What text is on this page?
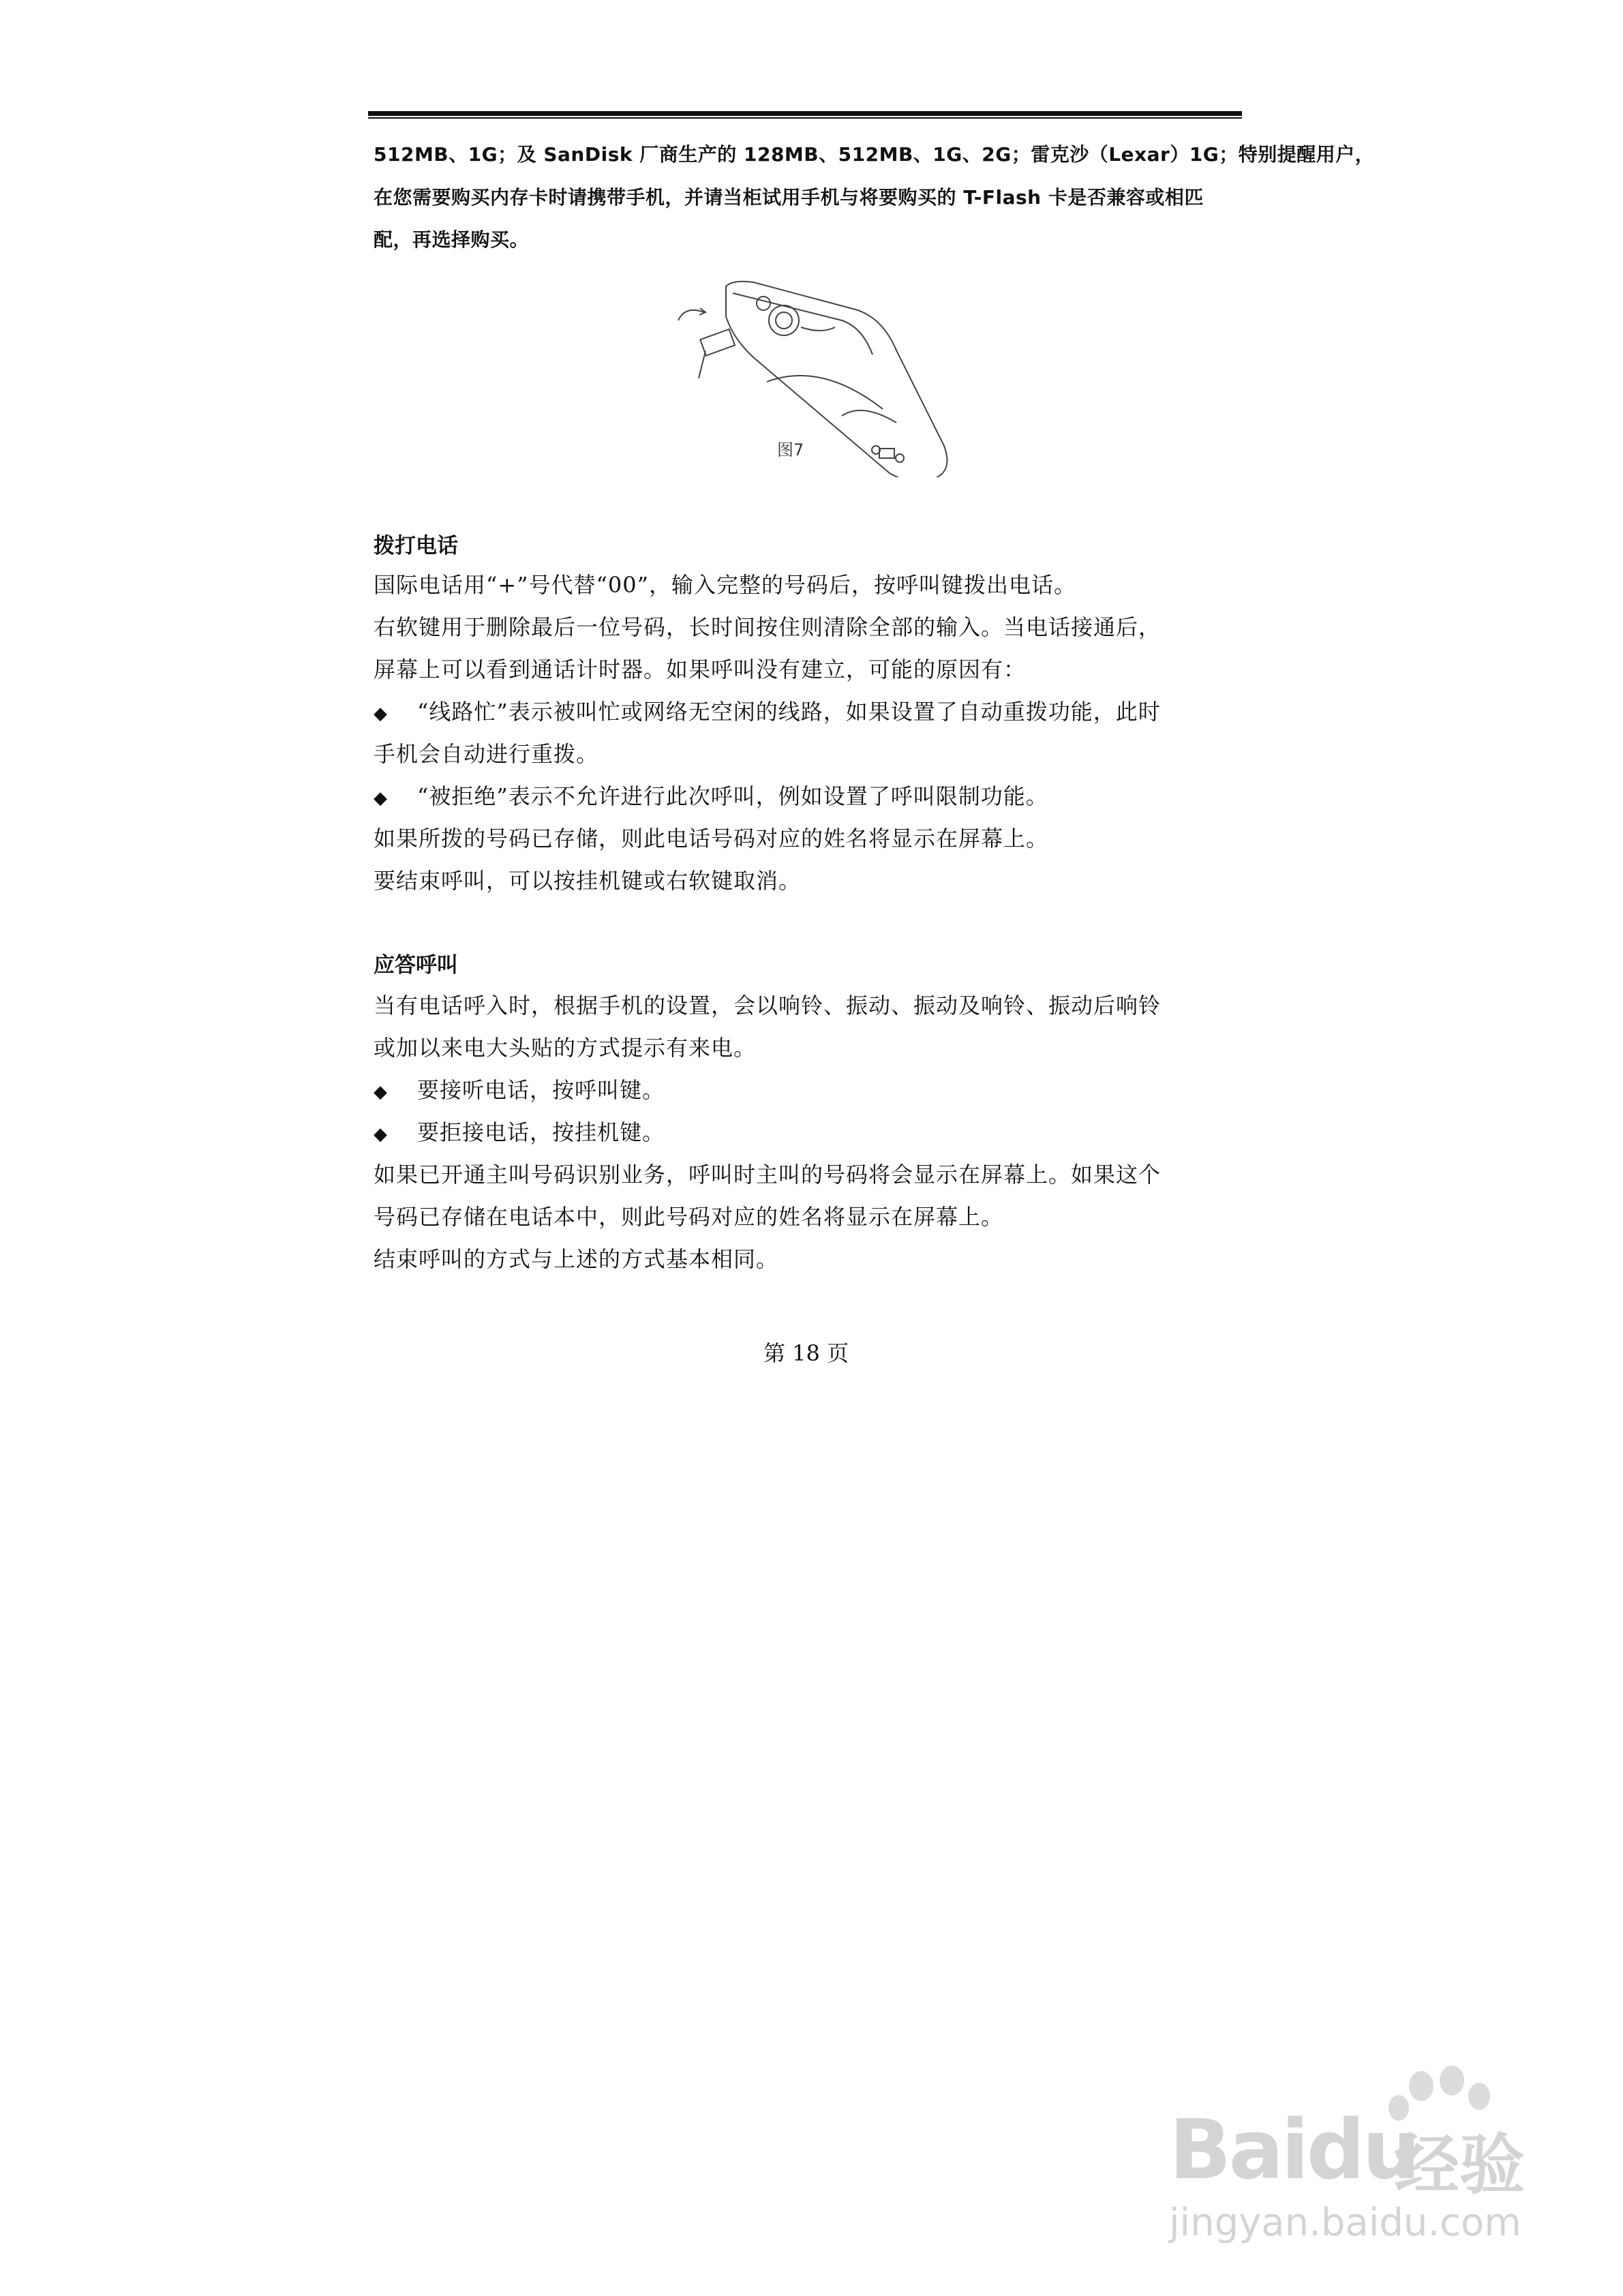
512MB、1G；及 SanDisk 厂商生产的 128MB、512MB、1G、2G；雷克沙（Lexar）1G；特别提醒用户，
在您需要购买内存卡时请携带手机，并请当柜试用手机与将要购买的 T-Flash 卡是否兼容或相匹
配，再选择购买。
图7
拨打电话
国际电话用“+”号代替“00”，输入完整的号码后，按呼叫键拨出电话。
右软键用于删除最后一位号码，长时间按住则清除全部的输入。当电话接通后，
屏幕上可以看到通话计时器。如果呼叫没有建立，可能的原因有：
◆ “线路忙”表示被叫忙或网络无空闲的线路，如果设置了自动重拨功能，此时
手机会自动进行重拨。
◆ “被拒绝”表示不允许进行此次呼叫，例如设置了呼叫限制功能。
如果所拨的号码已存储，则此电话号码对应的姓名将显示在屏幕上。
要结束呼叫，可以按挂机键或右软键取消。
应答呼叫
当有电话呼入时，根据手机的设置，会以响铃、振动、振动及响铃、振动后响铃
或加以来电大头贴的方式提示有来电。
◆ 要接听电话，按呼叫键。
◆ 要拒接电话，按挂机键。
如果已开通主叫号码识别业务，呼叫时主叫的号码将会显示在屏幕上。如果这个
号码已存储在电话本中，则此号码对应的姓名将显示在屏幕上。
结束呼叫的方式与上述的方式基本相同。
第 18 页
Baidu
经验
jingyan.baidu.com
